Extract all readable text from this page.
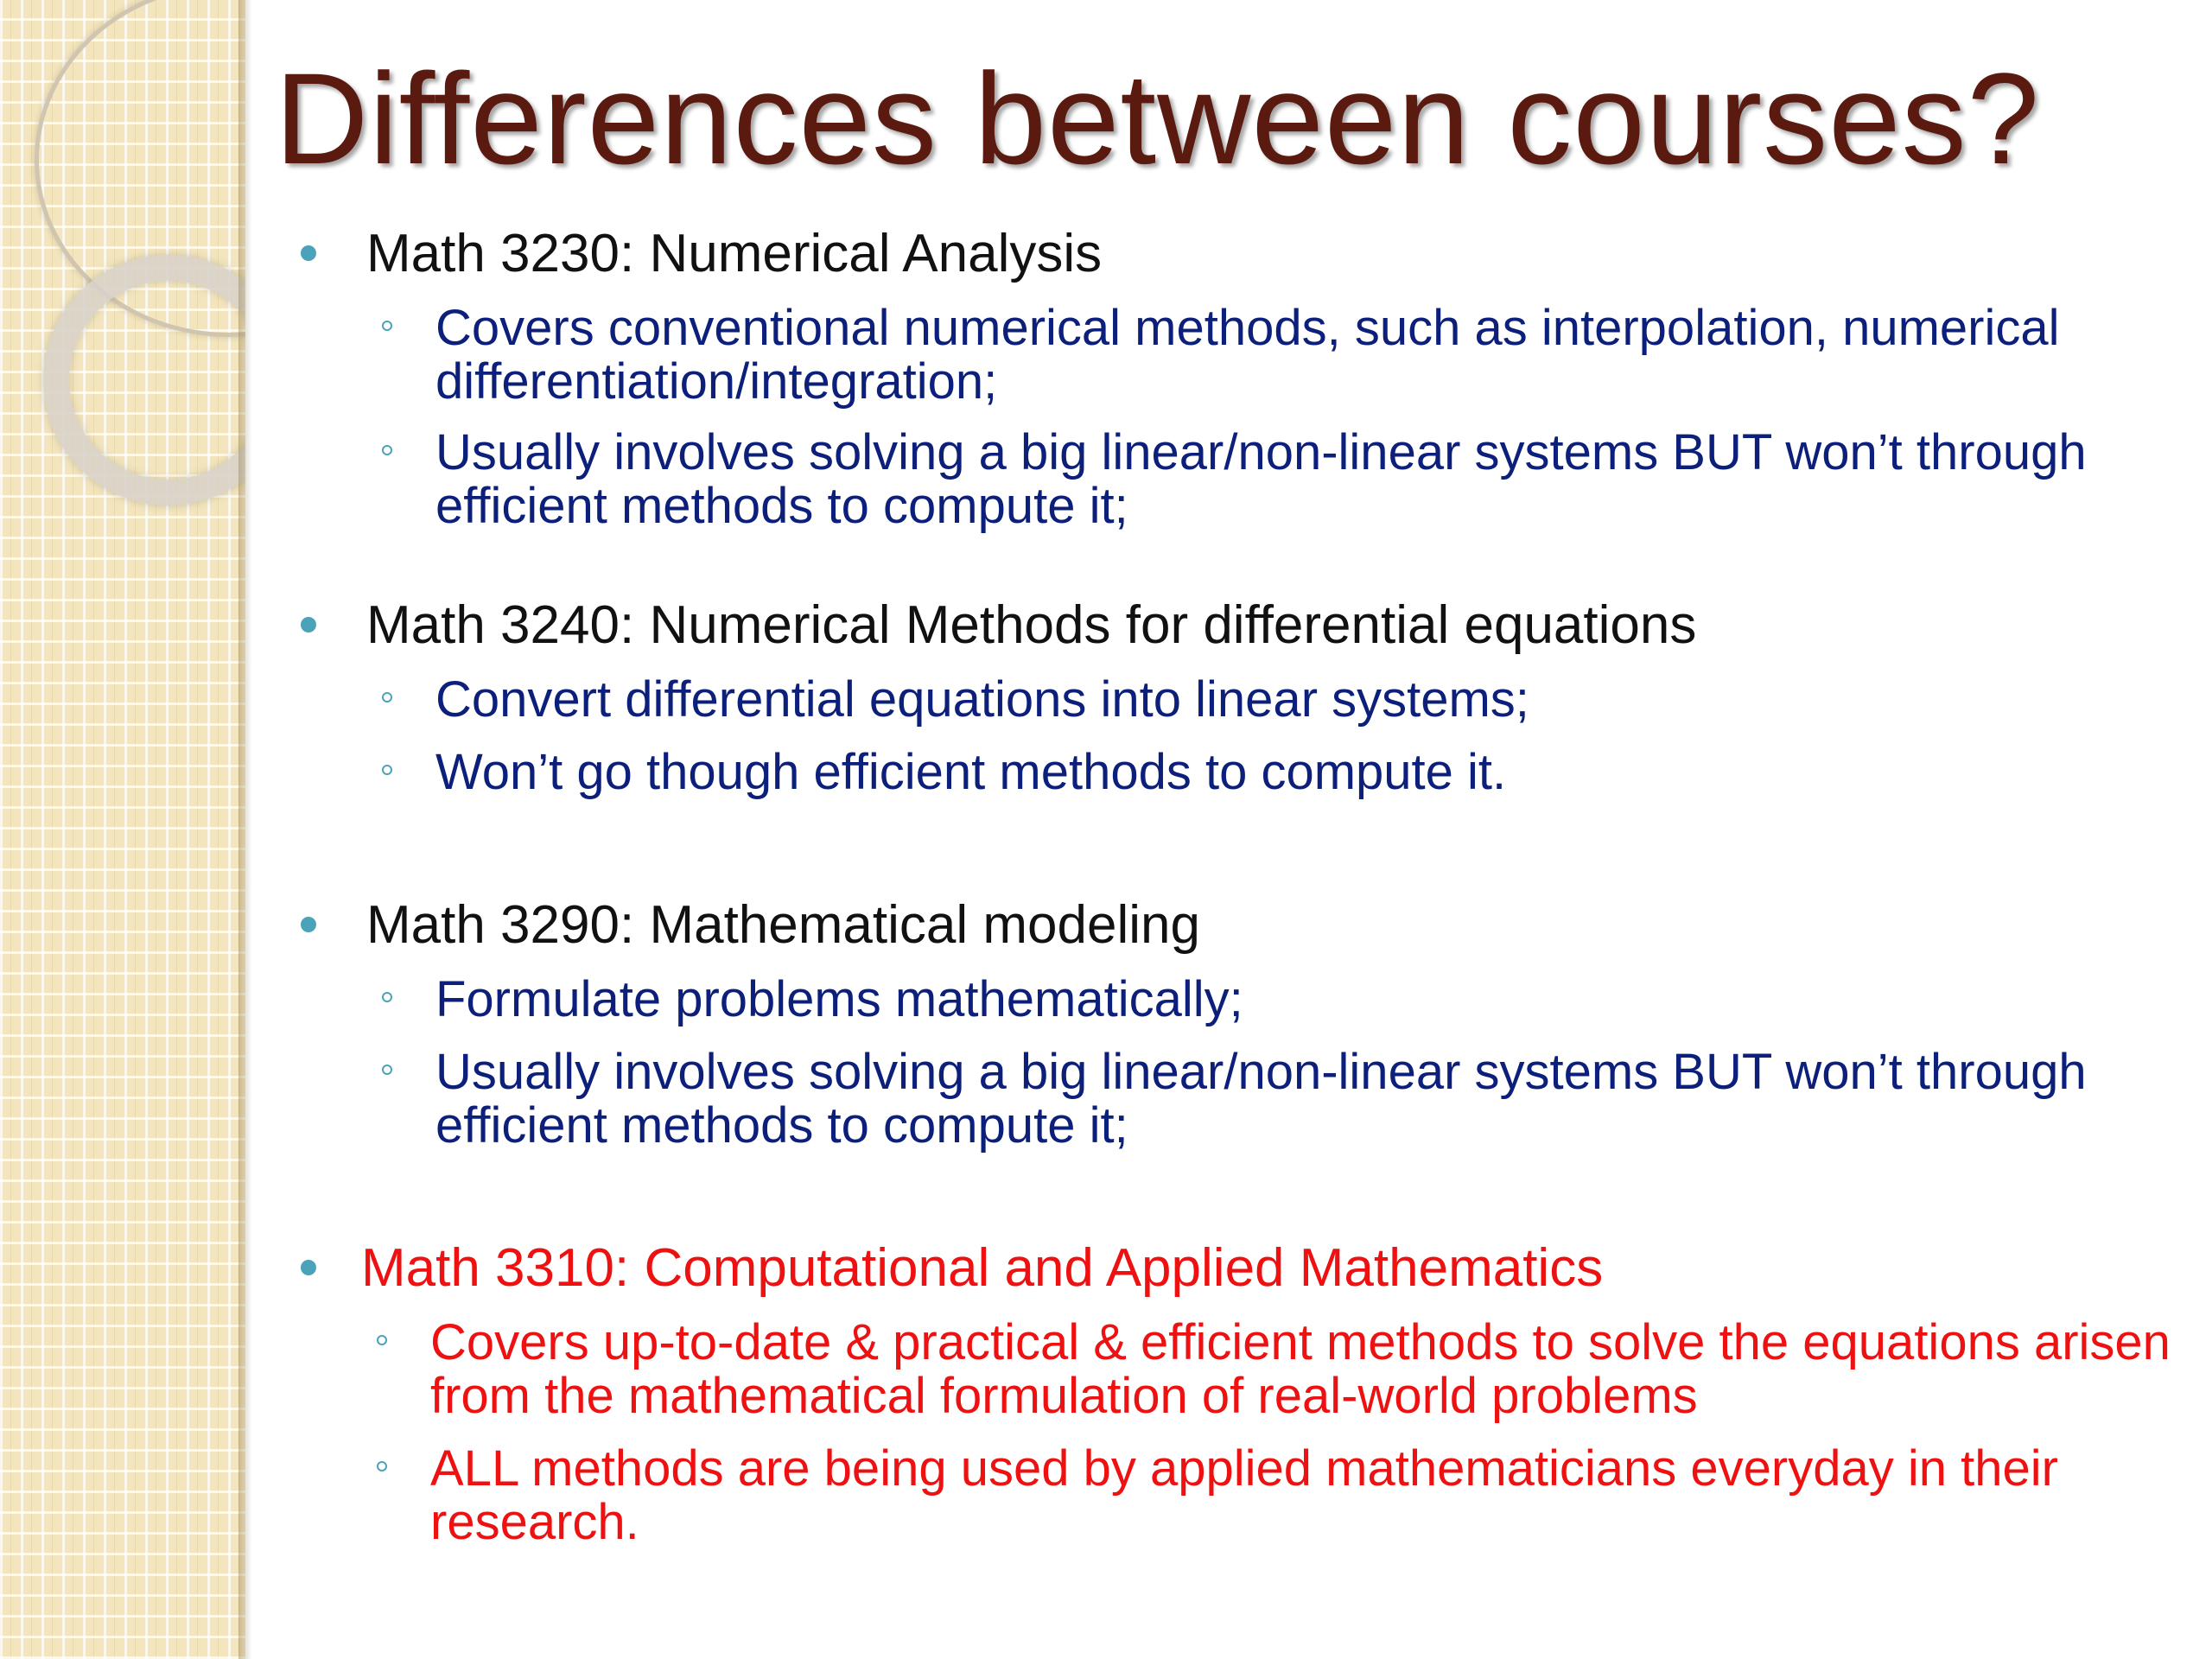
Differences between courses?
Math 3230: Numerical Analysis
Covers conventional numerical methods, such as interpolation, numerical differentiation/integration;
Usually involves solving a big linear/non-linear systems BUT won’t through efficient methods to compute it;
Math 3240: Numerical Methods for differential equations
Convert differential equations into linear systems;
Won’t go though efficient methods to compute it.
Math 3290: Mathematical modeling
Formulate problems mathematically;
Usually involves solving a big linear/non-linear systems BUT won’t through efficient methods to compute it;
Math 3310: Computational and Applied Mathematics
Covers up-to-date & practical & efficient methods to solve the equations arisen from the mathematical formulation of real-world problems
ALL methods are being used by applied mathematicians everyday in their research.
